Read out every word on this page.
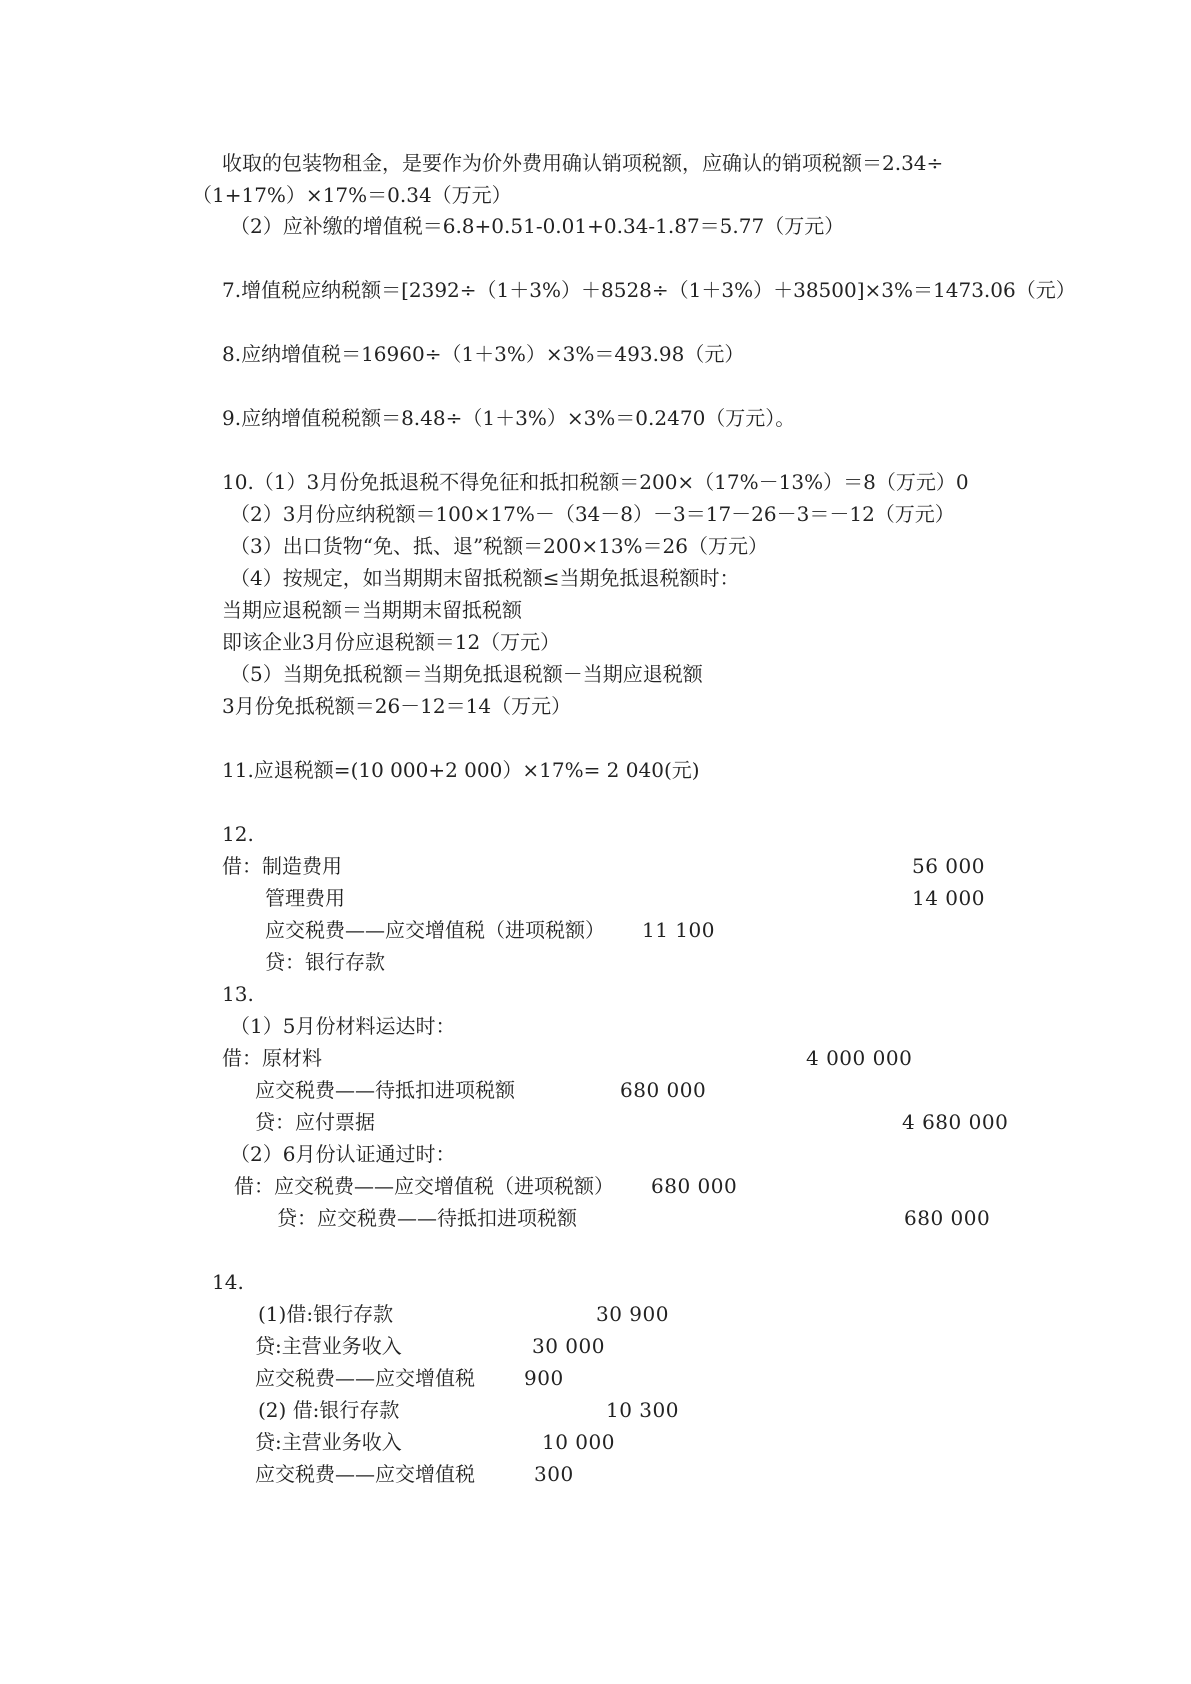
收取的包装物租金，是要作为价外费用确认销项税额，应确认的销项税额＝2.34÷
（1+17%）×17%＝0.34（万元）
（2）应补缴的增值税＝6.8+0.51-0.01+0.34-1.87＝5.77（万元）
7.增值税应纳税额＝[2392÷（1＋3%）＋8528÷（1＋3%）＋38500]×3%＝1473.06（元）
8.应纳增值税＝16960÷（1＋3%）×3%＝493.98（元）
9.应纳增值税税额＝8.48÷（1＋3%）×3%＝0.2470（万元）。
10.（1）3月份免抵退税不得免征和抵扣税额＝200×（17%－13%）＝8（万元）0
（2）3月份应纳税额＝100×17%－（34－8）－3＝17－26－3＝－12（万元）
（3）出口货物“免、抵、退”税额＝200×13%＝26（万元）
（4）按规定，如当期期末留抵税额≤当期免抵退税额时：
当期应退税额＝当期期末留抵税额
即该企业3月份应退税额＝12（万元）
（5）当期免抵税额＝当期免抵退税额－当期应退税额
3月份免抵税额＝26－12＝14（万元）
11.应退税额=(10 000+2 000）×17%= 2 040(元)
12.
借：制造费用	56 000
管理费用	14 000
应交税费——应交增值税（进项税额） 11 100
贷：银行存款
13.
（1）5月份材料运达时：
借：原材料	4 000 000
应交税费——待抵扣进项税额	680 000
贷：应付票据	4 680 000
（2）6月份认证通过时：
借：应交税费——应交增值税（进项税额） 680 000
贷：应交税费——待抵扣进项税额	680 000
14.
(1)借:银行存款	30 900
贷:主营业务收入	30 000
应交税费——应交增值税 900
(2) 借:银行存款	10 300
贷:主营业务收入	10 000
应交税费——应交增值税	300
